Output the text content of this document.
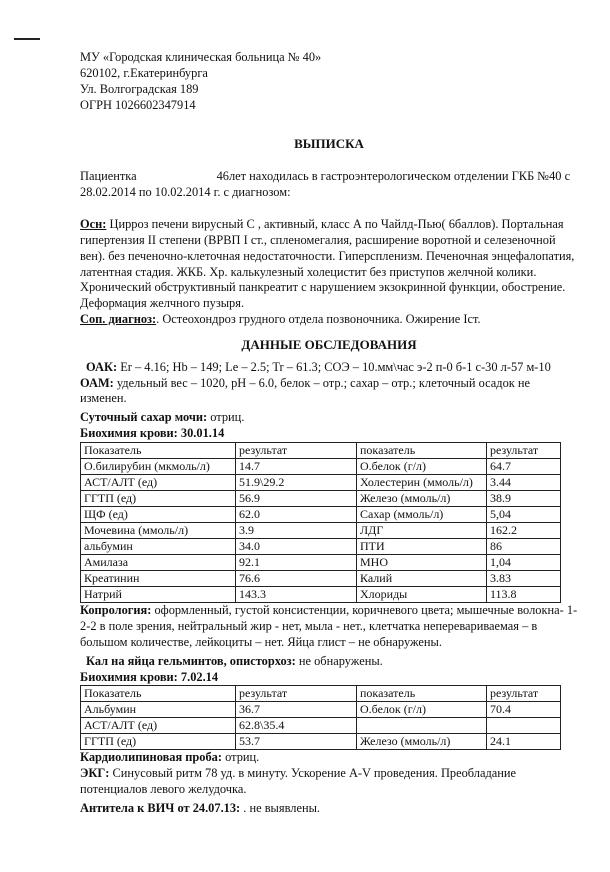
МУ «Городская клиническая больница № 40»

620102, г.Екатеринбурга

Ул. Волгоградская 189

ОГРН 1026602347914

ВЫПИСКА
Пациентка	46лет находилась в гастроэнтерологическом отделении ГКБ №40 с 28.02.2014 по 10.02.2014 г. с диагнозом:

Осн: Цирроз печени вирусный С , активный, класс А по Чайлд-Пью( 6баллов). Портальная гипертензия II степени (ВРВП I ст., спленомегалия, расширение воротной и селезеночной вен). без печеночно-клеточная недостаточности. Гиперспленизм. Печеночная энцефалопатия, латентная стадия. ЖКБ. Хр. калькулезный холецистит без приступов желчной колики. Хронический обструктивный панкреатит с нарушением экзокринной функции, обострение. Деформация желчного пузыря.

Соп. диагноз:. Остеохондроз грудного отдела позвоночника. Ожирение Iст.

ДАННЫЕ ОБСЛЕДОВАНИЯ

ОАК: Er – 4.16; Hb – 149; Le – 2.5; Tr – 61.3; СОЭ – 10.мм\час э-2 п-0 б-1 с-30 л-57 м-10

ОАМ: удельный вес – 1020, pH – 6.0, белок – отр.; сахар – отр.; клеточный осадок не изменен.

Суточный сахар мочи: отриц.

Биохимия крови: 30.01.14

Показатель	результат	показатель	результат
О.билирубин (мкмоль/л)	14.7	О.белок (г/л)	64.7
АСТ/АЛТ (ед)	51.9\29.2	Холестерин (ммоль/л)	3.44
ГГТП (ед)	56.9	Железо (ммоль/л)	38.9
ЩФ (ед)	62.0	Сахар (ммоль/л)	5,04
Мочевина (ммоль/л)	3.9	ЛДГ	162.2
альбумин	34.0	ПТИ	86
Амилаза	92.1	МНО	1,04
Креатинин	76.6	Калий	3.83
Натрий	143.3	Хлориды	113.8

Копрология: оформленный, густой консистенции, коричневого цвета; мышечные волокна- 1-2-2 в поле зрения, нейтральный жир - нет, мыла - нет., клетчатка неперевариваемая – в большом количестве, лейкоциты – нет. Яйца глист – не обнаружены.

Кал на яйца гельминтов, описторхоз: не обнаружены.

Биохимия крови: 7.02.14

Показатель	результат	показатель	результат
Альбумин	36.7	О.белок (г/л)	70.4
АСТ/АЛТ (ед)	62.8\35.4		
ГГТП (ед)	53.7	Железо (ммоль/л)	24.1

Кардиолипиновая проба: отриц.

ЭКГ: Синусовый ритм 78 уд. в минуту. Ускорение A-V проведения. Преобладание потенциалов левого желудочка.

Антитела к ВИЧ от 24.07.13: . не выявлены.
